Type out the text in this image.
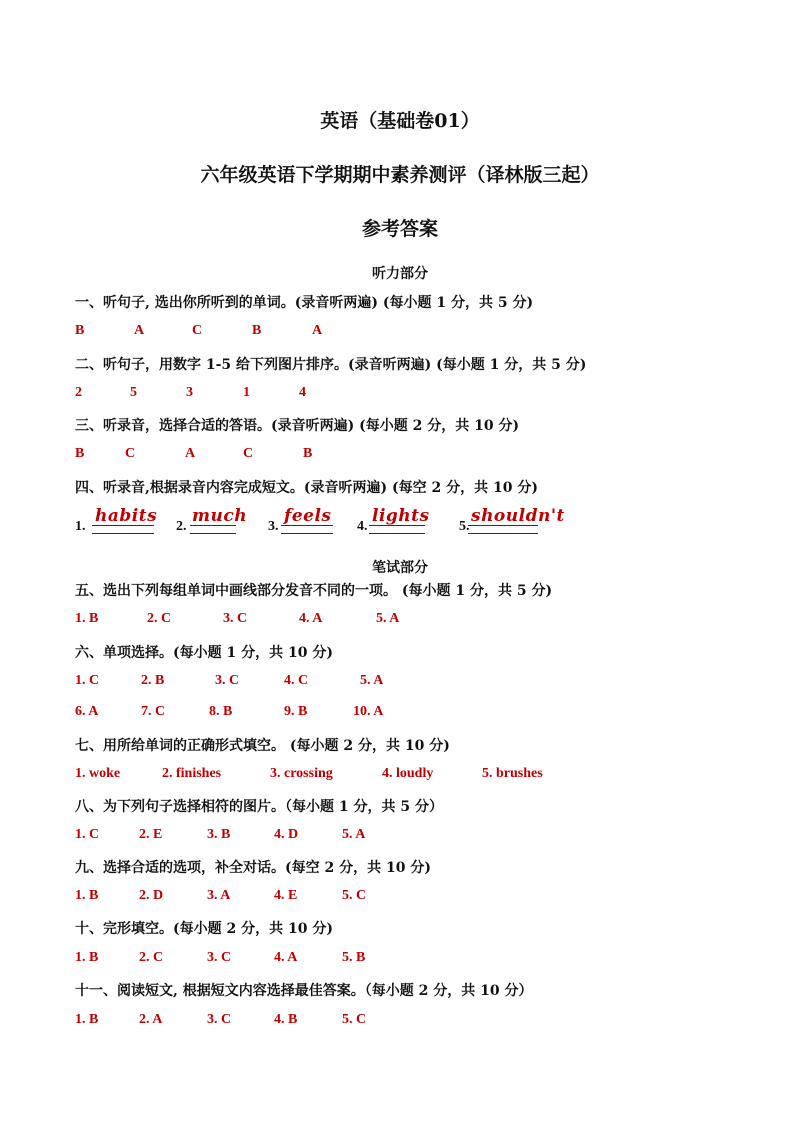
英语（基础卷01）
六年级英语下学期期中素养测评（译林版三起）
参考答案
听力部分
一、听句子, 选出你所听到的单词。(录音听两遍) (每小题 1 分，共 5 分)
B	A	C	B	A
二、听句子，用数字 1-5 给下列图片排序。(录音听两遍) (每小题 1 分，共 5 分)
2	5	3	1	4
三、听录音，选择合适的答语。(录音听两遍) (每小题 2 分，共 10 分)
B	C	A	C	B
四、听录音,根据录音内容完成短文。(录音听两遍) (每空 2 分，共 10 分)
1.
habits
2.
much
3.
feels
4.
lights
5.
shouldn't
笔试部分
五、选出下列每组单词中画线部分发音不同的一项。 (每小题 1 分，共 5 分)
1. B	2. C	3. C	4. A	5. A
六、单项选择。(每小题 1 分，共 10 分)
1. C	2. B	3. C	4. C	5. A
6. A	7. C	8. B	9. B	10. A
七、用所给单词的正确形式填空。 (每小题 2 分，共 10 分)
1. woke	2. finishes	3. crossing	4. loudly	5. brushes
八、为下列句子选择相符的图片。（每小题 1 分，共 5 分）
1. C	2. E	3. B	4. D	5. A
九、选择合适的选项，补全对话。(每空 2 分，共 10 分)
1. B	2. D	3. A	4. E	5. C
十、完形填空。(每小题 2 分，共 10 分)
1. B	2. C	3. C	4. A	5. B
十一、阅读短文, 根据短文内容选择最佳答案。（每小题 2 分，共 10 分）
1. B	2. A	3. C	4. B	5. C
